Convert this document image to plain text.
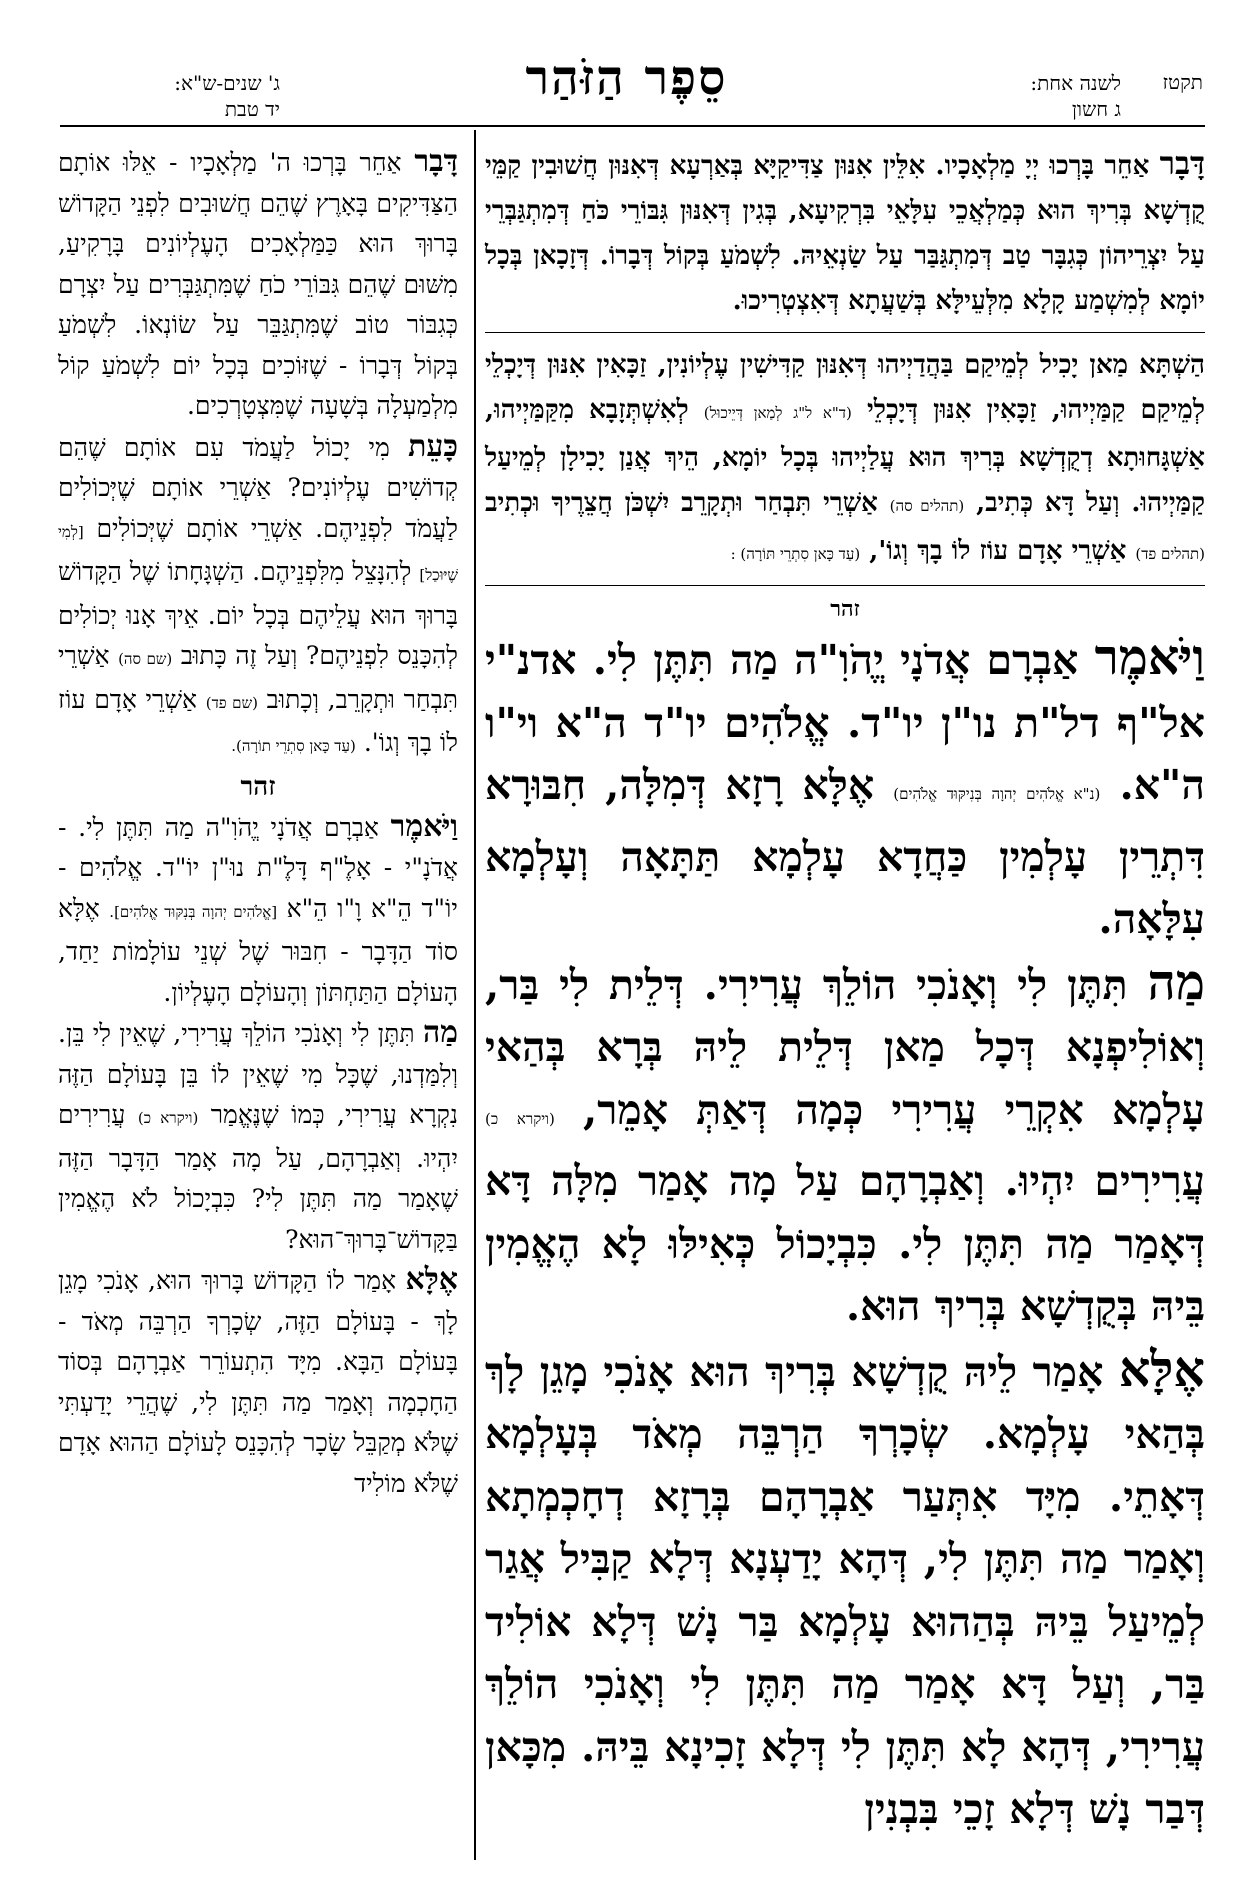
תקטז
לשנה אחת:
ג חשון
סֵפֶר הַזֹּהַר
ג' שנים-ש"א:
יד טבת

דָּבָר אַחֵר בָּרְכוּ יְיָ מַלְאָכָיו. אִלֵּין אִנּוּן צַדִּיקַיָּא בְּאַרְעָא דְּאִנּוּן חֲשׁוּבִין קַמֵּי קֻדְשָׁא בְּרִיךְ הוּא כְּמַלְאֲכֵי עִלָּאֵי בִּרְקִיעָא, בְּגִין דְּאִנּוּן גִּבּוֹרֵי כֹּחַ דְּמִתְגַּבְּרֵי עַל יִצְרֵיהוֹן כְּגִבָּר טַב דְּמִתְגַּבַּר עַל שַׂנְאֵיהּ. לִשְׁמֹעַ בְּקוֹל דְּבָרוֹ. דְּזָכָאן בְּכָל יוֹמָא לְמִשְׁמַע קָלָא מִלְּעֵילָּא בְּשַׁעֲתָא דְּאִצְטְרִיכוּ.

הַשְׁתָּא מַאן יָכִיל לְמֵיקַם בַּהֲדַיְיהוּ דְּאִנּוּן קַדִּישִׁין עֶלְיוֹנִין, זַכָּאִין אִנּוּן דְּיָכְלֵי לְמֵיקַם קַמַּיְיהוּ, זַכָּאִין אִנּוּן דְּיָכְלֵי (ד"א ל"ג לְמַאן דְּיֵיכוּל) לְאִשְׁתְּזָבָא מִקַּמַּיְיהוּ, אַשְׁגָּחוּתָא דְקֻדְשָׁא בְּרִיךְ הוּא עֲלַיְיהוּ בְּכָל יוֹמָא, הֵיךְ אֲנַן יָכִילָן לְמֵיעַל קַמַּיְיהוּ. וְעַל דָּא כְּתִיב, (תהלים סה) אַשְׁרֵי תִּבְחַר וּתְקָרֵב יִשְׁכֹּן חֲצֵרֶיךָ וּכְתִיב (תהלים פד) אַשְׁרֵי אָדָם עוֹז לוֹ בָךְ וְגוֹ', (עַד כָּאן סִתְרֵי תּוֹרָה) :

זהר

וַיֹּאמֶר אַבְרָם אֲדֹנָי יֱהֹוִ"ה מַה תִּתֶּן לִי. אדנ"י אל"ף דל"ת נו"ן יו"ד. אֱלֹהִים יו"ד ה"א וי"ו ה"א. (נ"א אֱלֹהִים יְהוָה בְּנִיקּוּד אֱלֹהִים) אֶלָּא רָזָא דְּמִלָּה, חִבּוּרָא דִּתְרֵין עָלְמִין כַּחֲדָא עָלְמָא תַּתָּאָה וְעָלְמָא עִלָּאָה.

מַה תִּתֶּן לִי וְאָנֹכִי הוֹלֵךְ עֲרִירִי. דְּלֵית לִי בַּר, וְאוֹלִיפְנָא דְּכָל מַאן דְּלֵית לֵיהּ בְּרָא בְּהַאי עָלְמָא אִקְרֵי עֲרִירִי כְּמָה דְּאַתְּ אָמֵר, (ויקרא כ) עֲרִירִים יִהְיוּ. וְאַבְרָהָם עַל מָה אָמַר מִלָּה דָּא דְּאָמַר מַה תִּתֶּן לִי. כִּבְיָכוֹל כְּאִילּוּ לָא הֶאֱמִין בֵּיהּ בְּקֻדְשָׁא בְּרִיךְ הוּא.

אֶלָּא אָמַר לֵיהּ קֻדְשָׁא בְּרִיךְ הוּא אָנֹכִי מָגֵן לָךְ בְּהַאי עָלְמָא. שְׂכָרְךָ הַרְבֵּה מְאֹד בְּעָלְמָא דְּאָתֵי. מִיָּד אִתְּעַר אַבְרָהָם בְּרָזָא דְחָכְמְתָא וְאָמַר מַה תִּתֶּן לִי, דְּהָא יָדַעְנָא דְּלָא קַבִּיל אֲגַר לְמֵיעַל בֵּיהּ בְּהַהוּא עָלְמָא בַּר נָשׁ דְּלָא אוֹלִיד בַּר, וְעַל דָּא אָמַר מַה תִּתֶּן לִי וְאָנֹכִי הוֹלֵךְ עֲרִירִי, דְּהָא לָא תִּתֶּן לִי דְּלָא זָכִינָא בֵּיהּ. מִכָּאן דְּבַר נָשׁ דְּלָא זָכֵי בִּבְנִין

דָּבָר אַחֵר בָּרְכוּ ה' מַלְאָכָיו - אֵלּוּ אוֹתָם הַצַּדִּיקִים בָּאָרֶץ שֶׁהֵם חֲשׁוּבִים לִפְנֵי הַקָּדוֹשׁ בָּרוּךְ הוּא כַּמַּלְאָכִים הָעֶלְיוֹנִים בָּרָקִיעַ, מִשּׁוּם שֶׁהֵם גִּבּוֹרֵי כֹחַ שֶׁמִּתְגַּבְּרִים עַל יִצְרָם כְּגִבּוֹר טוֹב שֶׁמִּתְגַּבֵּר עַל שׂוֹנְאוֹ. לִשְׁמֹעַ בְּקוֹל דְּבָרוֹ - שֶׁזּוֹכִים בְּכָל יוֹם לִשְׁמֹעַ קוֹל מִלְמַעְלָה בְּשָׁעָה שֶׁמִּצְטָרְכִים.

כָּעֵת מִי יָכוֹל לַעֲמֹד עִם אוֹתָם שֶׁהֵם קְדוֹשִׁים עֶלְיוֹנִים? אַשְׁרֵי אוֹתָם שֶׁיְּכוֹלִים לַעֲמֹד לִפְנֵיהֶם. אַשְׁרֵי אוֹתָם שֶׁיְּכוֹלִים [לְמִי שֶׁיּוּכַל] לְהִנָּצֵל מִלִּפְנֵיהֶם. הַשְׁגָּחָתוֹ שֶׁל הַקָּדוֹשׁ בָּרוּךְ הוּא עֲלֵיהֶם בְּכָל יוֹם. אֵיךְ אָנוּ יְכוֹלִים לְהִכָּנֵס לִפְנֵיהֶם? וְעַל זֶה כָּתוּב (שם סה) אַשְׁרֵי תִּבְחַר וּתְקָרֵב, וְכָתוּב (שם פד) אַשְׁרֵי אָדָם עוֹז לוֹ בָךְ וְגוֹ'. (עַד כָּאן סִתְרֵי תוֹרָה).

זהר

וַיֹּאמֶר אַבְרָם אֲדֹנָי יֱהֹוִ"ה מַה תִּתֶּן לִי. - אֲדֹנָ"י - אָלֶ"ף דָּלֶ"ת נוּ"ן יוֹ"ד. אֱלֹהִים - יוֹ"ד הֵ"א וָ"ו הֵ"א [אֱלֹהִים יְהוָה בְּנִקּוּד אֱלֹהִים]. אֶלָּא סוֹד הַדָּבָר - חִבּוּר שֶׁל שְׁנֵי עוֹלָמוֹת יַחַד, הָעוֹלָם הַתַּחְתּוֹן וְהָעוֹלָם הָעֶלְיוֹן.

מַה תִּתֶּן לִי וְאָנֹכִי הוֹלֵךְ עֲרִירִי, שֶׁאֵין לִי בֵּן. וְלִמַּדְנוּ, שֶׁכָּל מִי שֶׁאֵין לוֹ בֵּן בָּעוֹלָם הַזֶּה נִקְרָא עֲרִירִי, כְּמוֹ שֶׁנֶּאֱמַר (ויקרא כ) עֲרִירִים יִהְיוּ. וְאַבְרָהָם, עַל מָה אָמַר הַדָּבָר הַזֶּה שֶׁאָמַר מַה תִּתֶּן לִי? כִּבְיָכוֹל לֹא הֶאֱמִין בַּקָּדוֹשׁ־בָּרוּךְ־הוּא?

אֶלָּא אָמַר לוֹ הַקָּדוֹשׁ בָּרוּךְ הוּא, אָנֹכִי מָגֵן לָךְ - בָּעוֹלָם הַזֶּה, שְׂכָרְךָ הַרְבֵּה מְאֹד - בָּעוֹלָם הַבָּא. מִיָּד הִתְעוֹרֵר אַבְרָהָם בְּסוֹד הַחָכְמָה וְאָמַר מַה תִּתֶּן לִי, שֶׁהֲרֵי יָדַעְתִּי שֶׁלֹּא מְקַבֵּל שָׂכָר לְהִכָּנֵס לָעוֹלָם הַהוּא אָדָם שֶׁלֹּא מוֹלִיד
